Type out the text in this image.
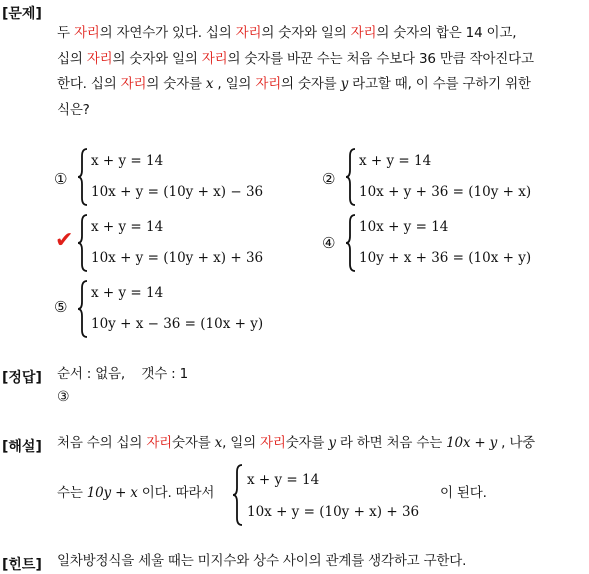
[문제]
[정답]
[해설]
[힌트]
두 자리의 자연수가 있다. 십의 자리의 숫자와 일의 자리의 숫자의 합은 14 이고,
십의 자리의 숫자와 일의 자리의 숫자를 바꾼 수는 처음 수보다 36 만큼 작아진다고
한다. 십의 자리의 숫자를 x , 일의 자리의 숫자를 y 라고할 때, 이 수를 구하기 위한
식은?
①
x + y = 14
10x + y = (10y + x) − 36
②
x + y = 14
10x + y + 36 = (10y + x)
✔
x + y = 14
10x + y = (10y + x) + 36
④
10x + y = 14
10y + x + 36 = (10x + y)
⑤
x + y = 14
10y + x − 36 = (10x + y)
순서 : 없음,    갯수 : 1
③
처음 수의 십의 자리숫자를 x, 일의 자리숫자를 y 라 하면 처음 수는 10x + y , 나중
수는 10y + x 이다. 따라서
x + y = 14
10x + y = (10y + x) + 36
이 된다.
일차방정식을 세울 때는 미지수와 상수 사이의 관계를 생각하고 구한다.
